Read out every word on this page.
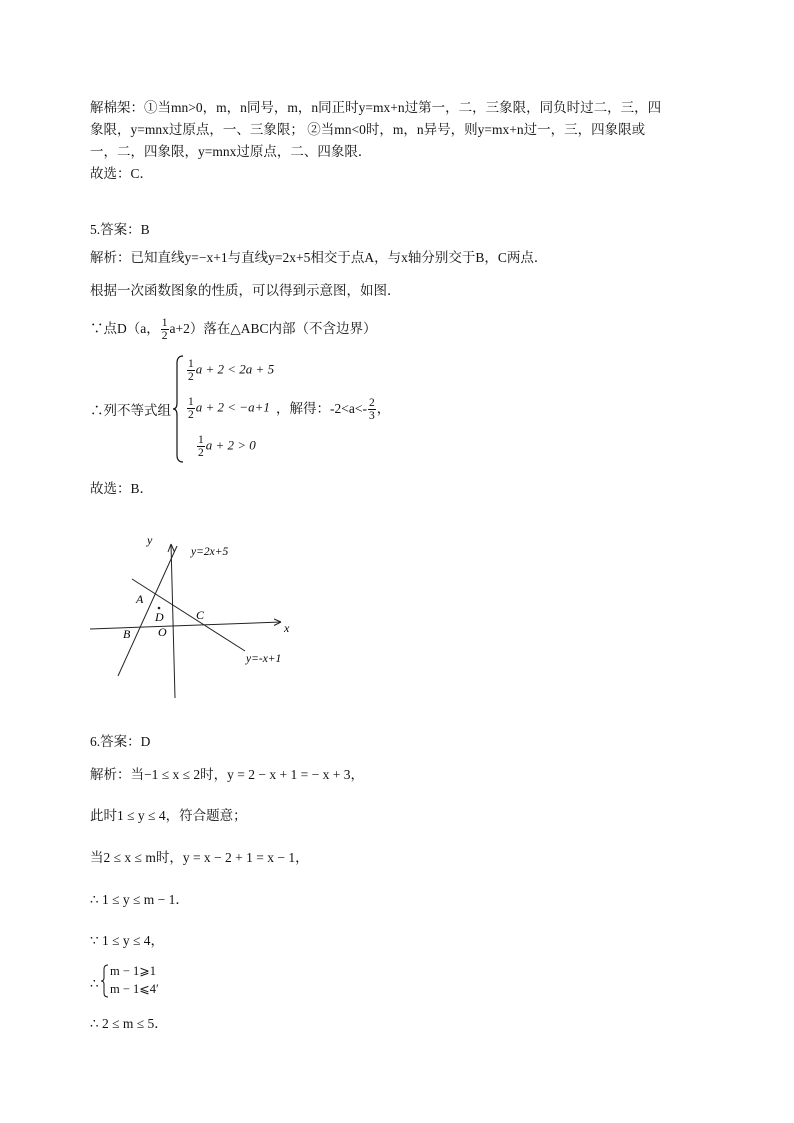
解棉架：①当mn>0，m，n同号，m，n同正时y=mx+n过第一，二，三象限，同负时过二，三，四
象限，y=mnx过原点，一、三象限； ②当mn<0时，m，n异号，则y=mx+n过一，三，四象限或
一，二，四象限，y=mnx过原点，二、四象限．
故选：C．
5.答案：B
解析：已知直线y=−x+1与直线y=2x+5相交于点A，与x轴分别交于B，C两点．
根据一次函数图象的性质，可以得到示意图，如图．
∵点D（a， $\frac{1}{2} a+2$）落在△ABC内部（不含边界）
∴列不等式组
$\frac{1}{2}$ a + 2 < 2a + 5
$\frac{1}{2}$ a + 2 < −a+1
$\frac{1}{2}$ a + 2 > 0
，解得：$-2<a<- \frac{2}{3}$ ，
故选：B．
y
x
y=2x+5
y=-x+1
A
B
C
D
O
6.答案：D
解析：当−1 ≤ x ≤ 2时，y = 2 − x + 1 = − x + 3，
此时1 ≤ y ≤ 4，符合题意；
当2 ≤ x ≤ m时，y = x − 2 + 1 = x − 1，
∴ 1 ≤ y ≤ m − 1．
∵ 1 ≤ y ≤ 4，
∴
m − 1⩾1
m − 1⩽4′
∴ 2 ≤ m ≤ 5．
